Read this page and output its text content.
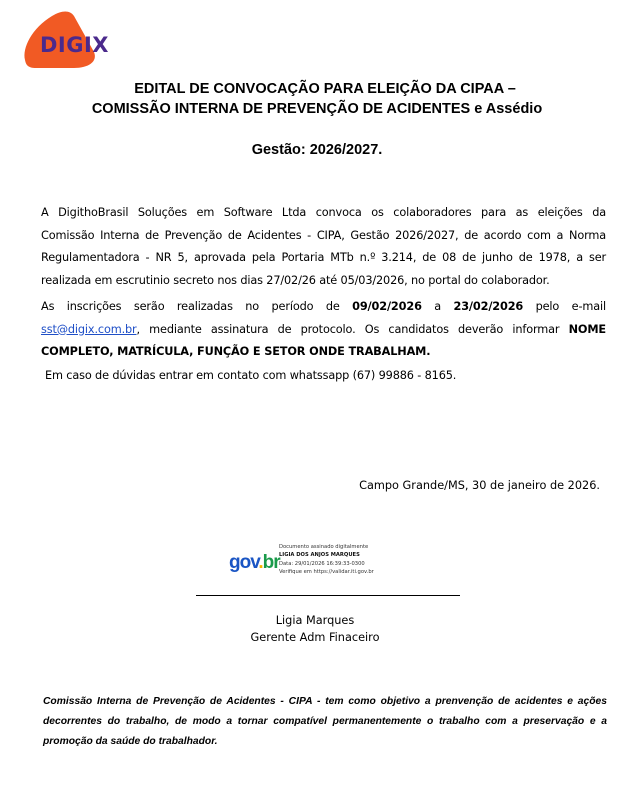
DIGIX
EDITAL DE CONVOCAÇÃO PARA ELEIÇÃO DA CIPAA –
COMISSÃO INTERNA DE PREVENÇÃO DE ACIDENTES e Assédio
Gestão: 2026/2027.
A DigithoBrasil Soluções em Software Ltda convoca os colaboradores para as eleições da
Comissão Interna de Prevenção de Acidentes - CIPA, Gestão 2026/2027, de acordo com a Norma
Regulamentadora - NR 5, aprovada pela Portaria MTb n.º 3.214, de 08 de junho de 1978, a ser
realizada em escrutinio secreto nos dias 27/02/26 até 05/03/2026, no portal do colaborador.
As inscrições serão realizadas no período de 09/02/2026 a 23/02/2026 pelo e-mail
sst@digix.com.br, mediante assinatura de protocolo. Os candidatos deverão informar NOME
COMPLETO, MATRÍCULA, FUNÇÃO E SETOR ONDE TRABALHAM.
Em caso de dúvidas entrar em contato com whatssapp (67) 99886 - 8165.
Campo Grande/MS, 30 de janeiro de 2026.
gov.br
Documento assinado digitalmente
LIGIA DOS ANJOS MARQUES
Data: 29/01/2026 16:39:33-0300
Verifique em https://validar.iti.gov.br
Ligia Marques
Gerente Adm Finaceiro
Comissão Interna de Prevenção de Acidentes - CIPA - tem como objetivo a prenvenção de acidentes e ações
decorrentes do trabalho, de modo a tornar compatível permanentemente o trabalho com a preservação e a
promoção da saúde do trabalhador.
